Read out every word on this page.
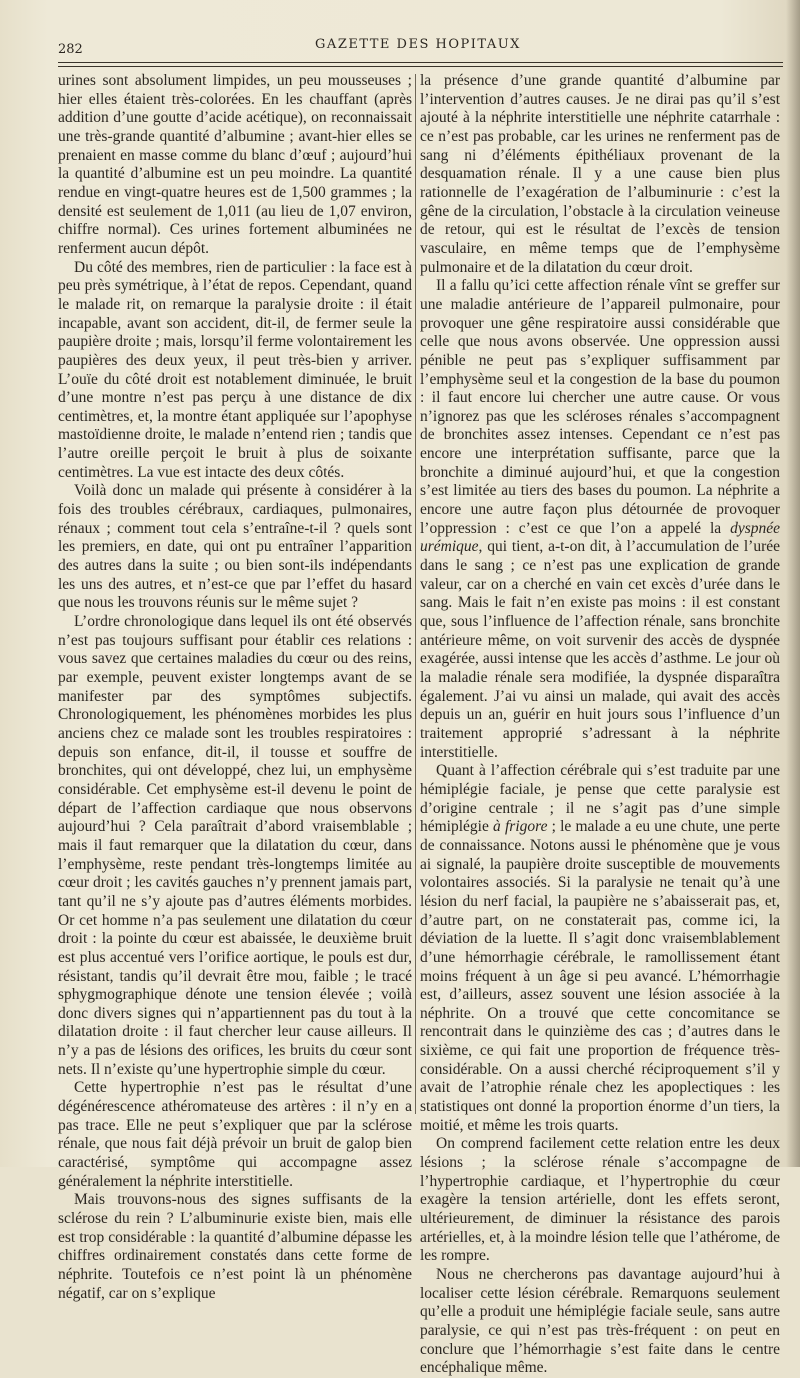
282	GAZETTE DES HOPITAUX

urines sont absolument limpides, un peu mousseuses ; hier elles étaient très-colorées. En les chauffant (après addition d’une goutte d’acide acétique), on reconnaissait une très-grande quantité d’albumine ; avant-hier elles se prenaient en masse comme du blanc d’œuf ; aujourd’hui la quantité d’albumine est un peu moindre. La quantité rendue en vingt-quatre heures est de 1,500 grammes ; la densité est seulement de 1,011 (au lieu de 1,07 environ, chiffre normal). Ces urines fortement albuminées ne renferment aucun dépôt.

Du côté des membres, rien de particulier : la face est à peu près symétrique, à l’état de repos. Cependant, quand le malade rit, on remarque la paralysie droite : il était incapable, avant son accident, dit-il, de fermer seule la paupière droite ; mais, lorsqu’il ferme volontairement les paupières des deux yeux, il peut très-bien y arriver. L’ouïe du côté droit est notablement diminuée, le bruit d’une montre n’est pas perçu à une distance de dix centimètres, et, la montre étant appliquée sur l’apophyse mastoïdienne droite, le malade n’entend rien ; tandis que l’autre oreille perçoit le bruit à plus de soixante centimètres. La vue est intacte des deux côtés.

Voilà donc un malade qui présente à considérer à la fois des troubles cérébraux, cardiaques, pulmonaires, rénaux ; comment tout cela s’entraîne-t-il ? quels sont les premiers, en date, qui ont pu entraîner l’apparition des autres dans la suite ; ou bien sont-ils indépendants les uns des autres, et n’est-ce que par l’effet du hasard que nous les trouvons réunis sur le même sujet ?

L’ordre chronologique dans lequel ils ont été observés n’est pas toujours suffisant pour établir ces relations : vous savez que certaines maladies du cœur ou des reins, par exemple, peuvent exister longtemps avant de se manifester par des symptômes subjectifs. Chronologiquement, les phénomènes morbides les plus anciens chez ce malade sont les troubles respiratoires : depuis son enfance, dit-il, il tousse et souffre de bronchites, qui ont développé, chez lui, un emphysème considérable. Cet emphysème est-il devenu le point de départ de l’affection cardiaque que nous observons aujourd’hui ? Cela paraîtrait d’abord vraisemblable ; mais il faut remarquer que la dilatation du cœur, dans l’emphysème, reste pendant très-longtemps limitée au cœur droit ; les cavités gauches n’y prennent jamais part, tant qu’il ne s’y ajoute pas d’autres éléments morbides. Or cet homme n’a pas seulement une dilatation du cœur droit : la pointe du cœur est abaissée, le deuxième bruit est plus accentué vers l’orifice aortique, le pouls est dur, résistant, tandis qu’il devrait être mou, faible ; le tracé sphygmographique dénote une tension élevée ; voilà donc divers signes qui n’appartiennent pas du tout à la dilatation droite : il faut chercher leur cause ailleurs. Il n’y a pas de lésions des orifices, les bruits du cœur sont nets. Il n’existe qu’une hypertrophie simple du cœur.

Cette hypertrophie n’est pas le résultat d’une dégénérescence athéromateuse des artères : il n’y en a pas trace. Elle ne peut s’expliquer que par la sclérose rénale, que nous fait déjà prévoir un bruit de galop bien caractérisé, symptôme qui accompagne assez généralement la néphrite interstitielle.

Mais trouvons-nous des signes suffisants de la sclérose du rein ? L’albuminurie existe bien, mais elle est trop considérable : la quantité d’albumine dépasse les chiffres ordinairement constatés dans cette forme de néphrite. Toutefois ce n’est point là un phénomène négatif, car on s’explique

la présence d’une grande quantité d’albumine par l’intervention d’autres causes. Je ne dirai pas qu’il s’est ajouté à la néphrite interstitielle une néphrite catarrhale : ce n’est pas probable, car les urines ne renferment pas de sang ni d’éléments épithéliaux provenant de la desquamation rénale. Il y a une cause bien plus rationnelle de l’exagération de l’albuminurie : c’est la gêne de la circulation, l’obstacle à la circulation veineuse de retour, qui est le résultat de l’excès de tension vasculaire, en même temps que de l’emphysème pulmonaire et de la dilatation du cœur droit.

Il a fallu qu’ici cette affection rénale vînt se greffer sur une maladie antérieure de l’appareil pulmonaire, pour provoquer une gêne respiratoire aussi considérable que celle que nous avons observée. Une oppression aussi pénible ne peut pas s’expliquer suffisamment par l’emphysème seul et la congestion de la base du poumon : il faut encore lui chercher une autre cause. Or vous n’ignorez pas que les scléroses rénales s’accompagnent de bronchites assez intenses. Cependant ce n’est pas encore une interprétation suffisante, parce que la bronchite a diminué aujourd’hui, et que la congestion s’est limitée au tiers des bases du poumon. La néphrite a encore une autre façon plus détournée de provoquer l’oppression : c’est ce que l’on a appelé la dyspnée urémique, qui tient, a-t-on dit, à l’accumulation de l’urée dans le sang ; ce n’est pas une explication de grande valeur, car on a cherché en vain cet excès d’urée dans le sang. Mais le fait n’en existe pas moins : il est constant que, sous l’influence de l’affection rénale, sans bronchite antérieure même, on voit survenir des accès de dyspnée exagérée, aussi intense que les accès d’asthme. Le jour où la maladie rénale sera modifiée, la dyspnée disparaîtra également. J’ai vu ainsi un malade, qui avait des accès depuis un an, guérir en huit jours sous l’influence d’un traitement approprié s’adressant à la néphrite interstitielle.

Quant à l’affection cérébrale qui s’est traduite par une hémiplégie faciale, je pense que cette paralysie est d’origine centrale ; il ne s’agit pas d’une simple hémiplégie à frigore ; le malade a eu une chute, une perte de connaissance. Notons aussi le phénomène que je vous ai signalé, la paupière droite susceptible de mouvements volontaires associés. Si la paralysie ne tenait qu’à une lésion du nerf facial, la paupière ne s’abaisserait pas, et, d’autre part, on ne constaterait pas, comme ici, la déviation de la luette. Il s’agit donc vraisemblablement d’une hémorrhagie cérébrale, le ramollissement étant moins fréquent à un âge si peu avancé. L’hémorrhagie est, d’ailleurs, assez souvent une lésion associée à la néphrite. On a trouvé que cette concomitance se rencontrait dans le quinzième des cas ; d’autres dans le sixième, ce qui fait une proportion de fréquence très-considérable. On a aussi cherché réciproquement s’il y avait de l’atrophie rénale chez les apoplectiques : les statistiques ont donné la proportion énorme d’un tiers, la moitié, et même les trois quarts.

On comprend facilement cette relation entre les deux lésions ; la sclérose rénale s’accompagne de l’hypertrophie cardiaque, et l’hypertrophie du cœur exagère la tension artérielle, dont les effets seront, ultérieurement, de diminuer la résistance des parois artérielles, et, à la moindre lésion telle que l’athérome, de les rompre.

Nous ne chercherons pas davantage aujourd’hui à localiser cette lésion cérébrale. Remarquons seulement qu’elle a produit une hémiplégie faciale seule, sans autre paralysie, ce qui n’est pas très-fréquent : on peut en conclure que l’hémorrhagie s’est faite dans le centre encéphalique même.
